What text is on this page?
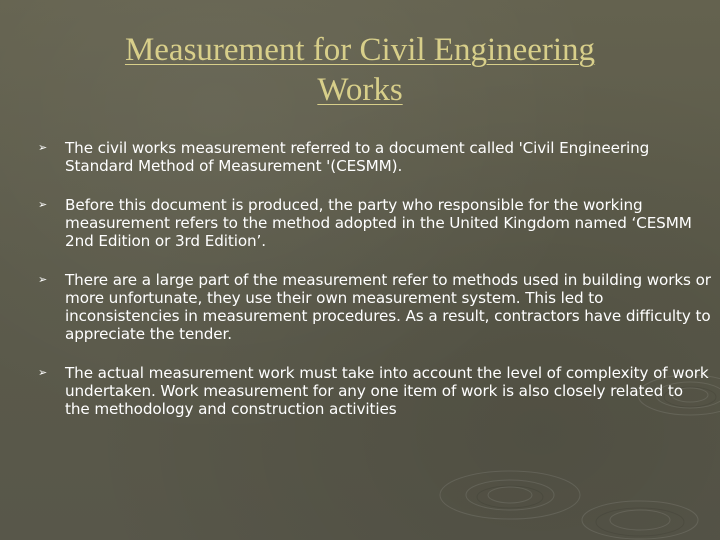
Measurement for Civil Engineering
Works
➢ The civil works measurement referred to a document called 'Civil Engineering Standard Method of Measurement '(CESMM).
➢ Before this document is produced, the party who responsible for the working measurement refers to the method adopted in the United Kingdom named ‘CESMM 2nd Edition or 3rd Edition’.
➢ There are a large part of the measurement refer to methods used in building works or more unfortunate, they use their own measurement system. This led to inconsistencies in measurement procedures. As a result, contractors have difficulty to appreciate the tender.
➢ The actual measurement work must take into account the level of complexity of work undertaken. Work measurement for any one item of work is also closely related to the methodology and construction activities
